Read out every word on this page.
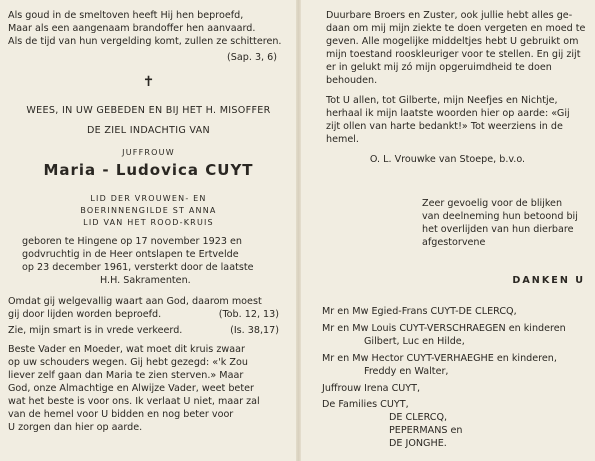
Als goud in de smeltoven heeft Hij hen beproefd,
Maar als een aangenaam brandoffer hen aanvaard.
Als de tijd van hun vergelding komt, zullen ze schitteren.
(Sap. 3, 6)
✝
WEES, IN UW GEBEDEN EN BIJ HET H. MISOFFER
DE ZIEL INDACHTIG VAN
JUFFROUW
Maria - Ludovica CUYT
LID DER VROUWEN- EN
BOERINNENGILDE ST ANNA
LID VAN HET ROOD-KRUIS
geboren te Hingene op 17 november 1923 en
godvruchtig in de Heer ontslapen te Ertvelde
op 23 december 1961, versterkt door de laatste
H.H. Sakramenten.
Omdat gij welgevallig waart aan God, daarom moest
gij door lijden worden beproefd.	(Tob. 12, 13)
Zie, mijn smart is in vrede verkeerd.	(Is. 38,17)
Beste Vader en Moeder, wat moet dit kruis zwaar
op uw schouders wegen. Gij hebt gezegd: «'k Zou
liever zelf gaan dan Maria te zien sterven.» Maar
God, onze Almachtige en Alwijze Vader, weet beter
wat het beste is voor ons. Ik verlaat U niet, maar zal
van de hemel voor U bidden en nog beter voor
U zorgen dan hier op aarde.
Duurbare Broers en Zuster, ook jullie hebt alles ge-
daan om mij mijn ziekte te doen vergeten en moed te
geven. Alle mogelijke middeltjes hebt U gebruikt om
mijn toestand rooskleuriger voor te stellen. En gij zijt
er in gelukt mij zó mijn opgeruimdheid te doen
behouden.
Tot U allen, tot Gilberte, mijn Neefjes en Nichtje,
herhaal ik mijn laatste woorden hier op aarde: «Gij
zijt ollen van harte bedankt!» Tot weerziens in de
hemel.
O. L. Vrouwke van Stoepe, b.v.o.
Zeer gevoelig voor de blijken
van deelneming hun betoond bij
het overlijden van hun dierbare
afgestorvene
DANKEN U
Mr en Mw Egied-Frans CUYT-DE CLERCQ,
Mr en Mw Louis CUYT-VERSCHRAEGEN en kinderen
Gilbert, Luc en Hilde,
Mr en Mw Hector CUYT-VERHAEGHE en kinderen,
Freddy en Walter,
Juffrouw Irena CUYT,
De Families CUYT,
DE CLERCQ,
PEPERMANS en
DE JONGHE.
